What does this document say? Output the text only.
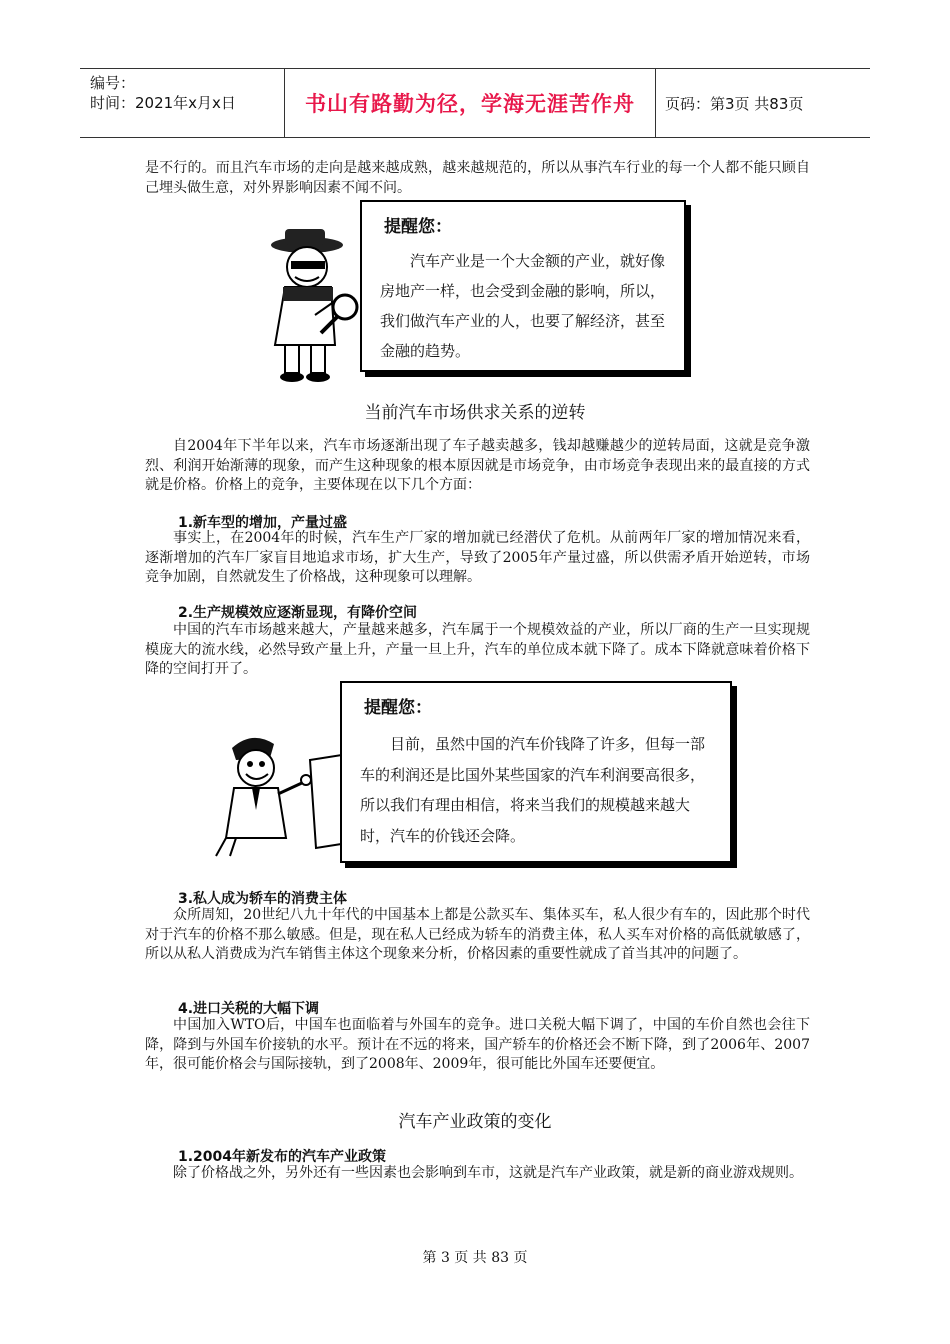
编号：
时间：2021年x月x日	书山有路勤为径，学海无涯苦作舟	页码：第3页 共83页
是不行的。而且汽车市场的走向是越来越成熟，越来越规范的，所以从事汽车行业的每一个人都不能只顾自己埋头做生意，对外界影响因素不闻不问。
提醒您：
汽车产业是一个大金额的产业，就好像房地产一样，也会受到金融的影响，所以，我们做汽车产业的人，也要了解经济，甚至金融的趋势。
当前汽车市场供求关系的逆转
自2004年下半年以来，汽车市场逐渐出现了车子越卖越多，钱却越赚越少的逆转局面，这就是竞争激烈、利润开始渐薄的现象，而产生这种现象的根本原因就是市场竞争，由市场竞争表现出来的最直接的方式就是价格。价格上的竞争，主要体现在以下几个方面：
1.新车型的增加，产量过盛
事实上，在2004年的时候，汽车生产厂家的增加就已经潜伏了危机。从前两年厂家的增加情况来看，逐渐增加的汽车厂家盲目地追求市场，扩大生产，导致了2005年产量过盛，所以供需矛盾开始逆转，市场竞争加剧，自然就发生了价格战，这种现象可以理解。
2.生产规模效应逐渐显现，有降价空间
中国的汽车市场越来越大，产量越来越多，汽车属于一个规模效益的产业，所以厂商的生产一旦实现规模庞大的流水线，必然导致产量上升，产量一旦上升，汽车的单位成本就下降了。成本下降就意味着价格下降的空间打开了。
提醒您：
目前，虽然中国的汽车价钱降了许多，但每一部车的利润还是比国外某些国家的汽车利润要高很多，所以我们有理由相信，将来当我们的规模越来越大时，汽车的价钱还会降。
3.私人成为轿车的消费主体
众所周知，20世纪八九十年代的中国基本上都是公款买车、集体买车，私人很少有车的，因此那个时代对于汽车的价格不那么敏感。但是，现在私人已经成为轿车的消费主体，私人买车对价格的高低就敏感了，所以从私人消费成为汽车销售主体这个现象来分析，价格因素的重要性就成了首当其冲的问题了。
4.进口关税的大幅下调
中国加入WTO后，中国车也面临着与外国车的竞争。进口关税大幅下调了，中国的车价自然也会往下降，降到与外国车价接轨的水平。预计在不远的将来，国产轿车的价格还会不断下降，到了2006年、2007年，很可能价格会与国际接轨，到了2008年、2009年，很可能比外国车还要便宜。
汽车产业政策的变化
1.2004年新发布的汽车产业政策
除了价格战之外，另外还有一些因素也会影响到车市，这就是汽车产业政策，就是新的商业游戏规则。
第 3 页 共 83 页
